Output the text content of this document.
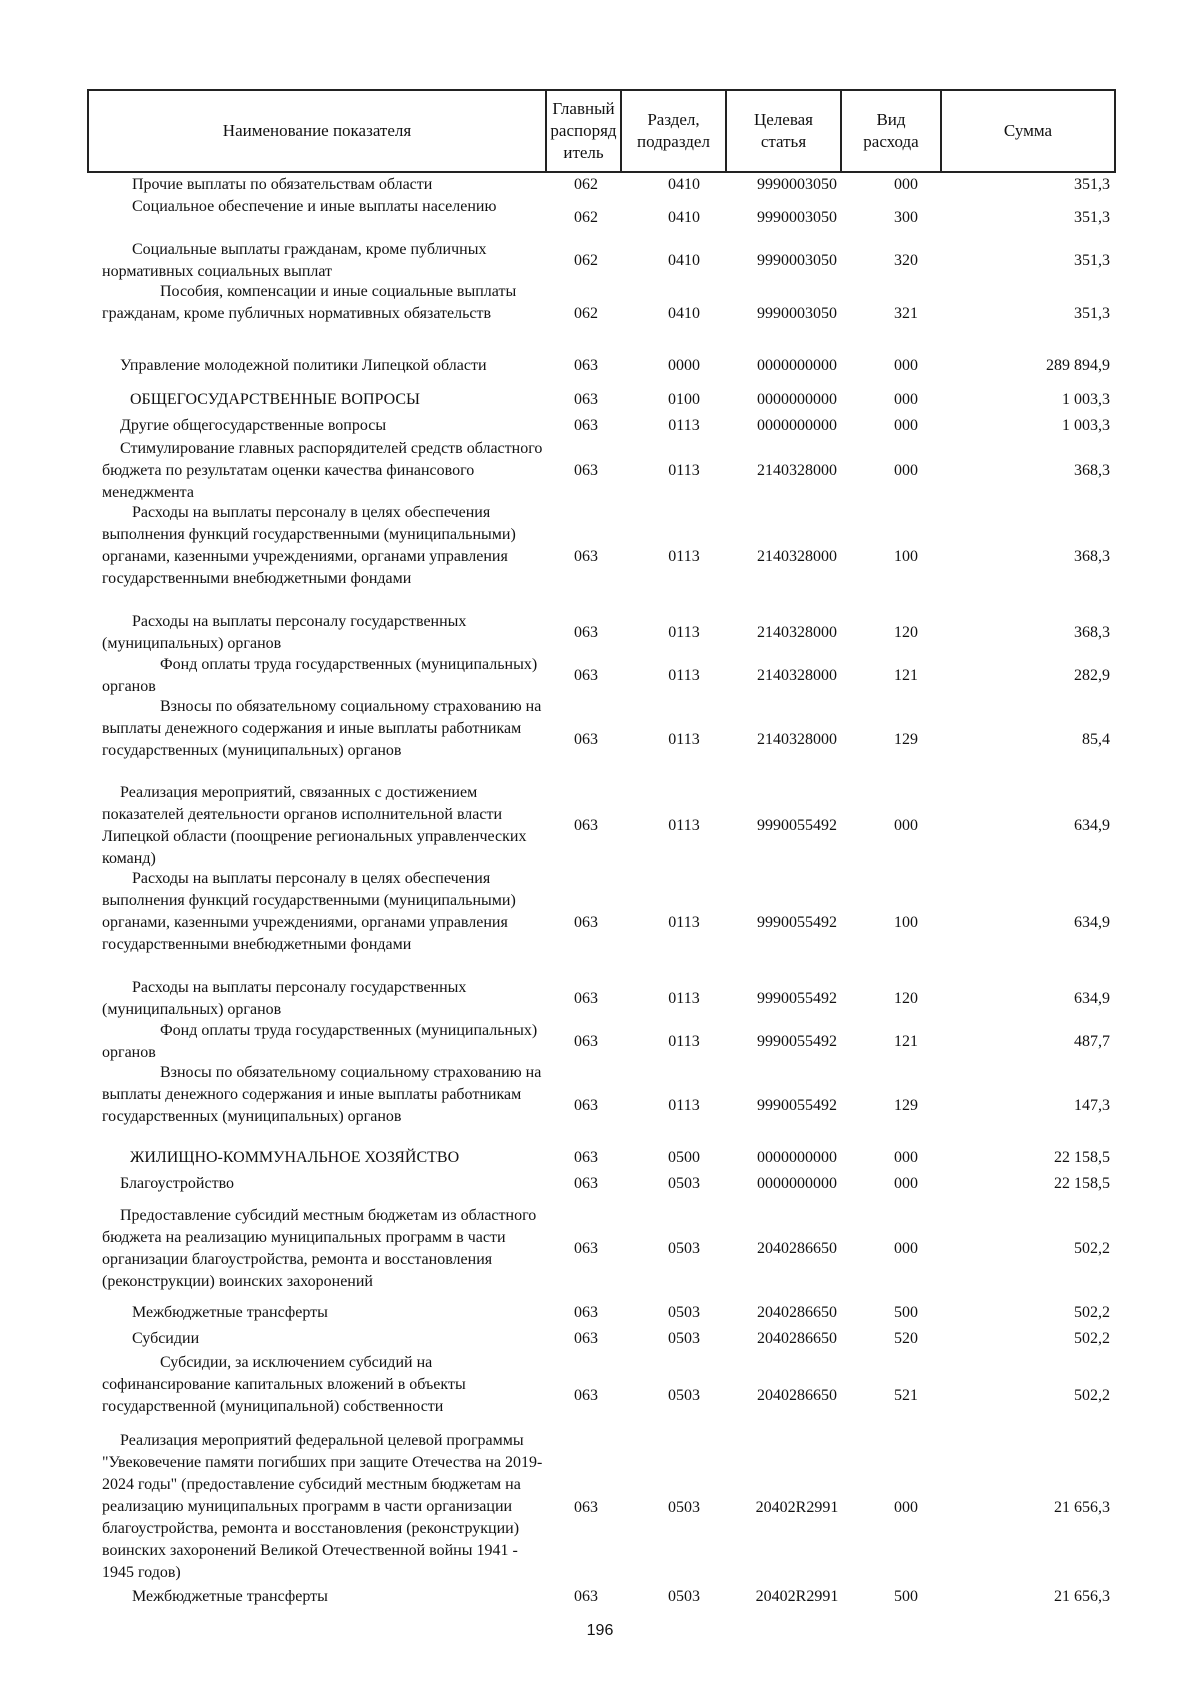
Наименование показателя	Главный
распоряд
итель	Раздел,
подраздел	Целевая
статья	Вид
расхода	Сумма
Прочие выплаты по обязательствам области	062	0410	9990003050	000	351,3
Социальное обеспечение и иные выплаты населению
062	0410	9990003050	300	351,3
Социальные выплаты гражданам, кроме публичных нормативных социальных выплат
062	0410	9990003050	320	351,3
Пособия, компенсации и иные социальные выплаты гражданам, кроме публичных нормативных обязательств	062	0410	9990003050	321	351,3
Управление молодежной политики Липецкой области	063	0000	0000000000	000	289 894,9
ОБЩЕГОСУДАРСТВЕННЫЕ ВОПРОСЫ	063	0100	0000000000	000	1 003,3
Другие общегосударственные вопросы	063	0113	0000000000	000	1 003,3
Стимулирование главных распорядителей средств областного бюджета по результатам оценки качества финансового менеджмента
063	0113	2140328000	000	368,3
Расходы на выплаты персоналу в целях обеспечения выполнения функций государственными (муниципальными) органами, казенными учреждениями, органами управления государственными внебюджетными фондами
063	0113	2140328000	100	368,3
Расходы на выплаты персоналу государственных (муниципальных) органов
063	0113	2140328000	120	368,3
Фонд оплаты труда государственных (муниципальных) органов
063	0113	2140328000	121	282,9
Взносы по обязательному социальному страхованию на выплаты денежного содержания и иные выплаты работникам государственных (муниципальных) органов
063	0113	2140328000	129	85,4
Реализация мероприятий, связанных с достижением показателей деятельности органов исполнительной власти Липецкой области (поощрение региональных управленческих команд)
063	0113	9990055492	000	634,9
Расходы на выплаты персоналу в целях обеспечения выполнения функций государственными (муниципальными) органами, казенными учреждениями, органами управления государственными внебюджетными фондами
063	0113	9990055492	100	634,9
Расходы на выплаты персоналу государственных (муниципальных) органов
063	0113	9990055492	120	634,9
Фонд оплаты труда государственных (муниципальных) органов
063	0113	9990055492	121	487,7
Взносы по обязательному социальному страхованию на выплаты денежного содержания и иные выплаты работникам государственных (муниципальных) органов
063	0113	9990055492	129	147,3
ЖИЛИЩНО-КОММУНАЛЬНОЕ ХОЗЯЙСТВО	063	0500	0000000000	000	22 158,5
Благоустройство	063	0503	0000000000	000	22 158,5
Предоставление субсидий местным бюджетам из областного бюджета на реализацию муниципальных программ в части организации благоустройства, ремонта и восстановления (реконструкции) воинских захоронений
063	0503	2040286650	000	502,2
Межбюджетные трансферты	063	0503	2040286650	500	502,2
Субсидии	063	0503	2040286650	520	502,2
Субсидии, за исключением субсидий на софинансирование капитальных вложений в объекты государственной (муниципальной) собственности
063	0503	2040286650	521	502,2
Реализация мероприятий федеральной целевой программы "Увековечение памяти погибших при защите Отечества на 2019-2024 годы" (предоставление субсидий местным бюджетам на реализацию муниципальных программ в части организации благоустройства, ремонта и восстановления (реконструкции) воинских захоронений Великой Отечественной войны 1941 - 1945 годов)
063	0503	20402R2991	000	21 656,3
Межбюджетные трансферты	063	0503	20402R2991	500	21 656,3
196
